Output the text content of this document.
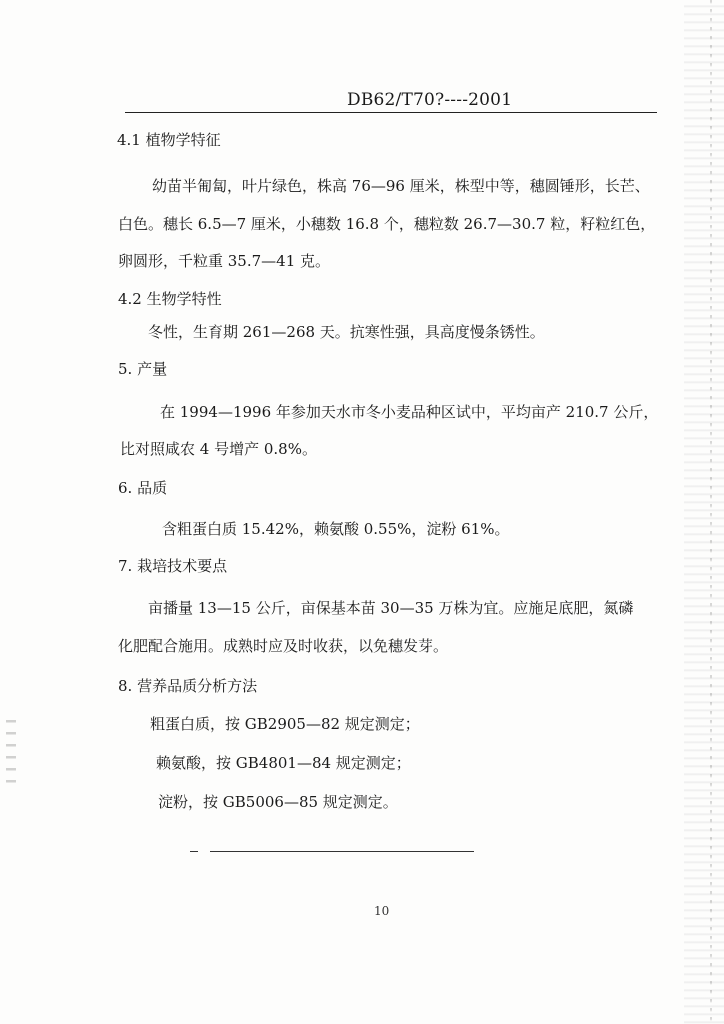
DB62/T70?----2001
4.1 植物学特征
幼苗半匍匐，叶片绿色，株高 76—96 厘米，株型中等，穗圆锤形，长芒、
白色。穗长 6.5—7 厘米，小穗数 16.8 个，穗粒数 26.7—30.7 粒，籽粒红色，
卵圆形，千粒重 35.7—41 克。
4.2 生物学特性
冬性，生育期 261—268 天。抗寒性强，具高度慢条锈性。
5. 产量
在 1994—1996 年参加天水市冬小麦品种区试中，平均亩产 210.7 公斤，
比对照咸农 4 号增产 0.8%。
6. 品质
含粗蛋白质 15.42%，赖氨酸 0.55%，淀粉 61%。
7. 栽培技术要点
亩播量 13—15 公斤，亩保基本苗 30—35 万株为宜。应施足底肥，氮磷
化肥配合施用。成熟时应及时收获，以免穗发芽。
8. 营养品质分析方法
粗蛋白质，按 GB2905—82 规定测定；
赖氨酸，按 GB4801—84 规定测定；
淀粉，按 GB5006—85 规定测定。
10
